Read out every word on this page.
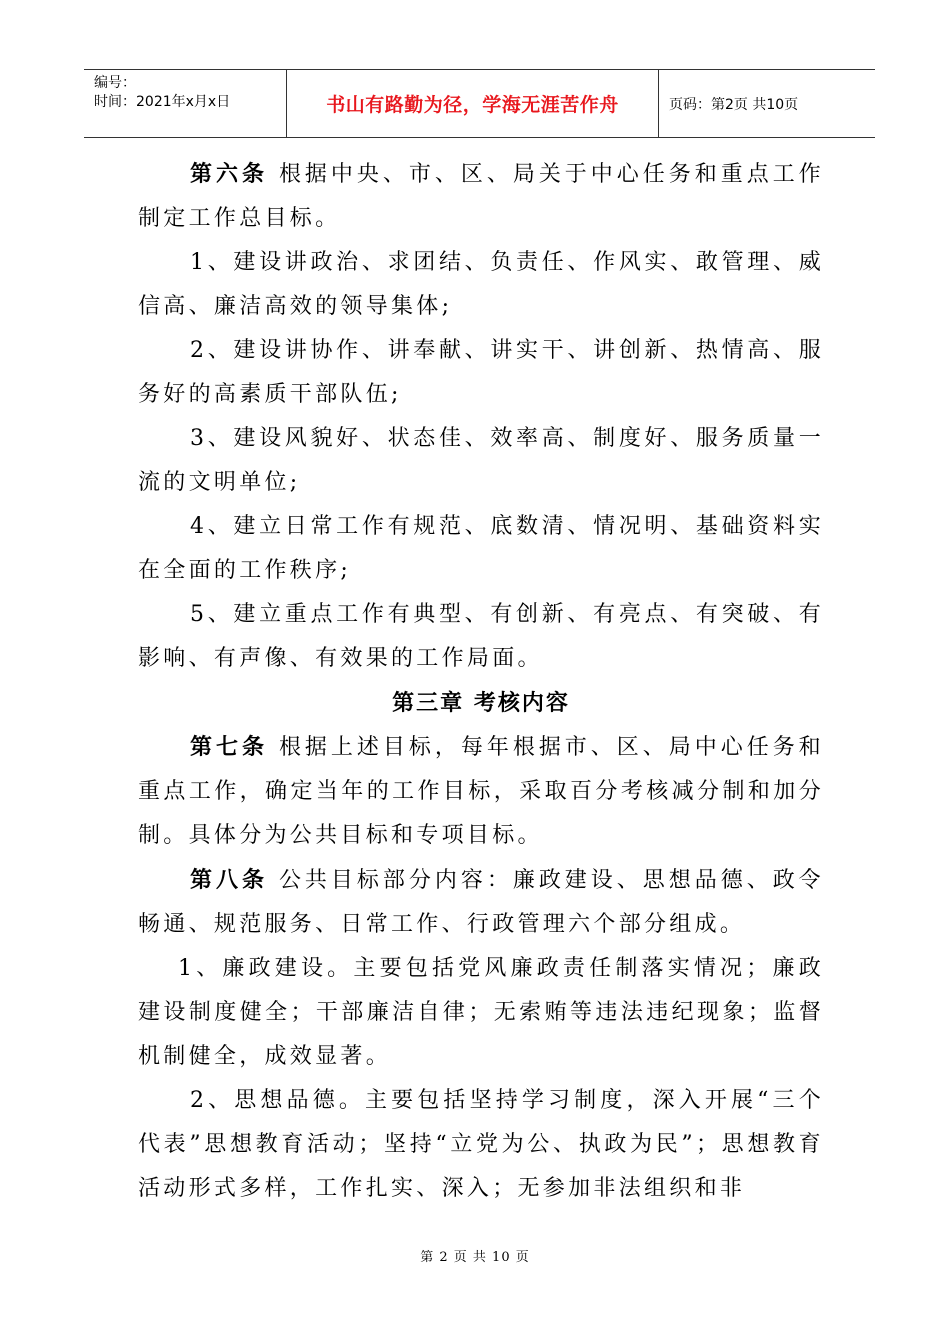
编号：
时间：2021年x月x日	书山有路勤为径，学海无涯苦作舟	页码：第2页 共10页

第六条 根据中央、市、区、局关于中心任务和重点工作制定工作总目标。

1、建设讲政治、求团结、负责任、作风实、敢管理、威信高、廉洁高效的领导集体;

2、建设讲协作、讲奉献、讲实干、讲创新、热情高、服务好的高素质干部队伍;

3、建设风貌好、状态佳、效率高、制度好、服务质量一流的文明单位;

4、建立日常工作有规范、底数清、情况明、基础资料实在全面的工作秩序;

5、建立重点工作有典型、有创新、有亮点、有突破、有影响、有声像、有效果的工作局面。

第三章 考核内容

第七条 根据上述目标，每年根据市、区、局中心任务和重点工作，确定当年的工作目标，采取百分考核减分制和加分制。具体分为公共目标和专项目标。

第八条 公共目标部分内容：廉政建设、思想品德、政令畅通、规范服务、日常工作、行政管理六个部分组成。

1、廉政建设。主要包括党风廉政责任制落实情况；廉政建设制度健全；干部廉洁自律；无索贿等违法违纪现象；监督机制健全，成效显著。

2、思想品德。主要包括坚持学习制度，深入开展“三个代表”思想教育活动；坚持“立党为公、执政为民”；思想教育活动形式多样，工作扎实、深入；无参加非法组织和非

第 2 页 共 10 页
